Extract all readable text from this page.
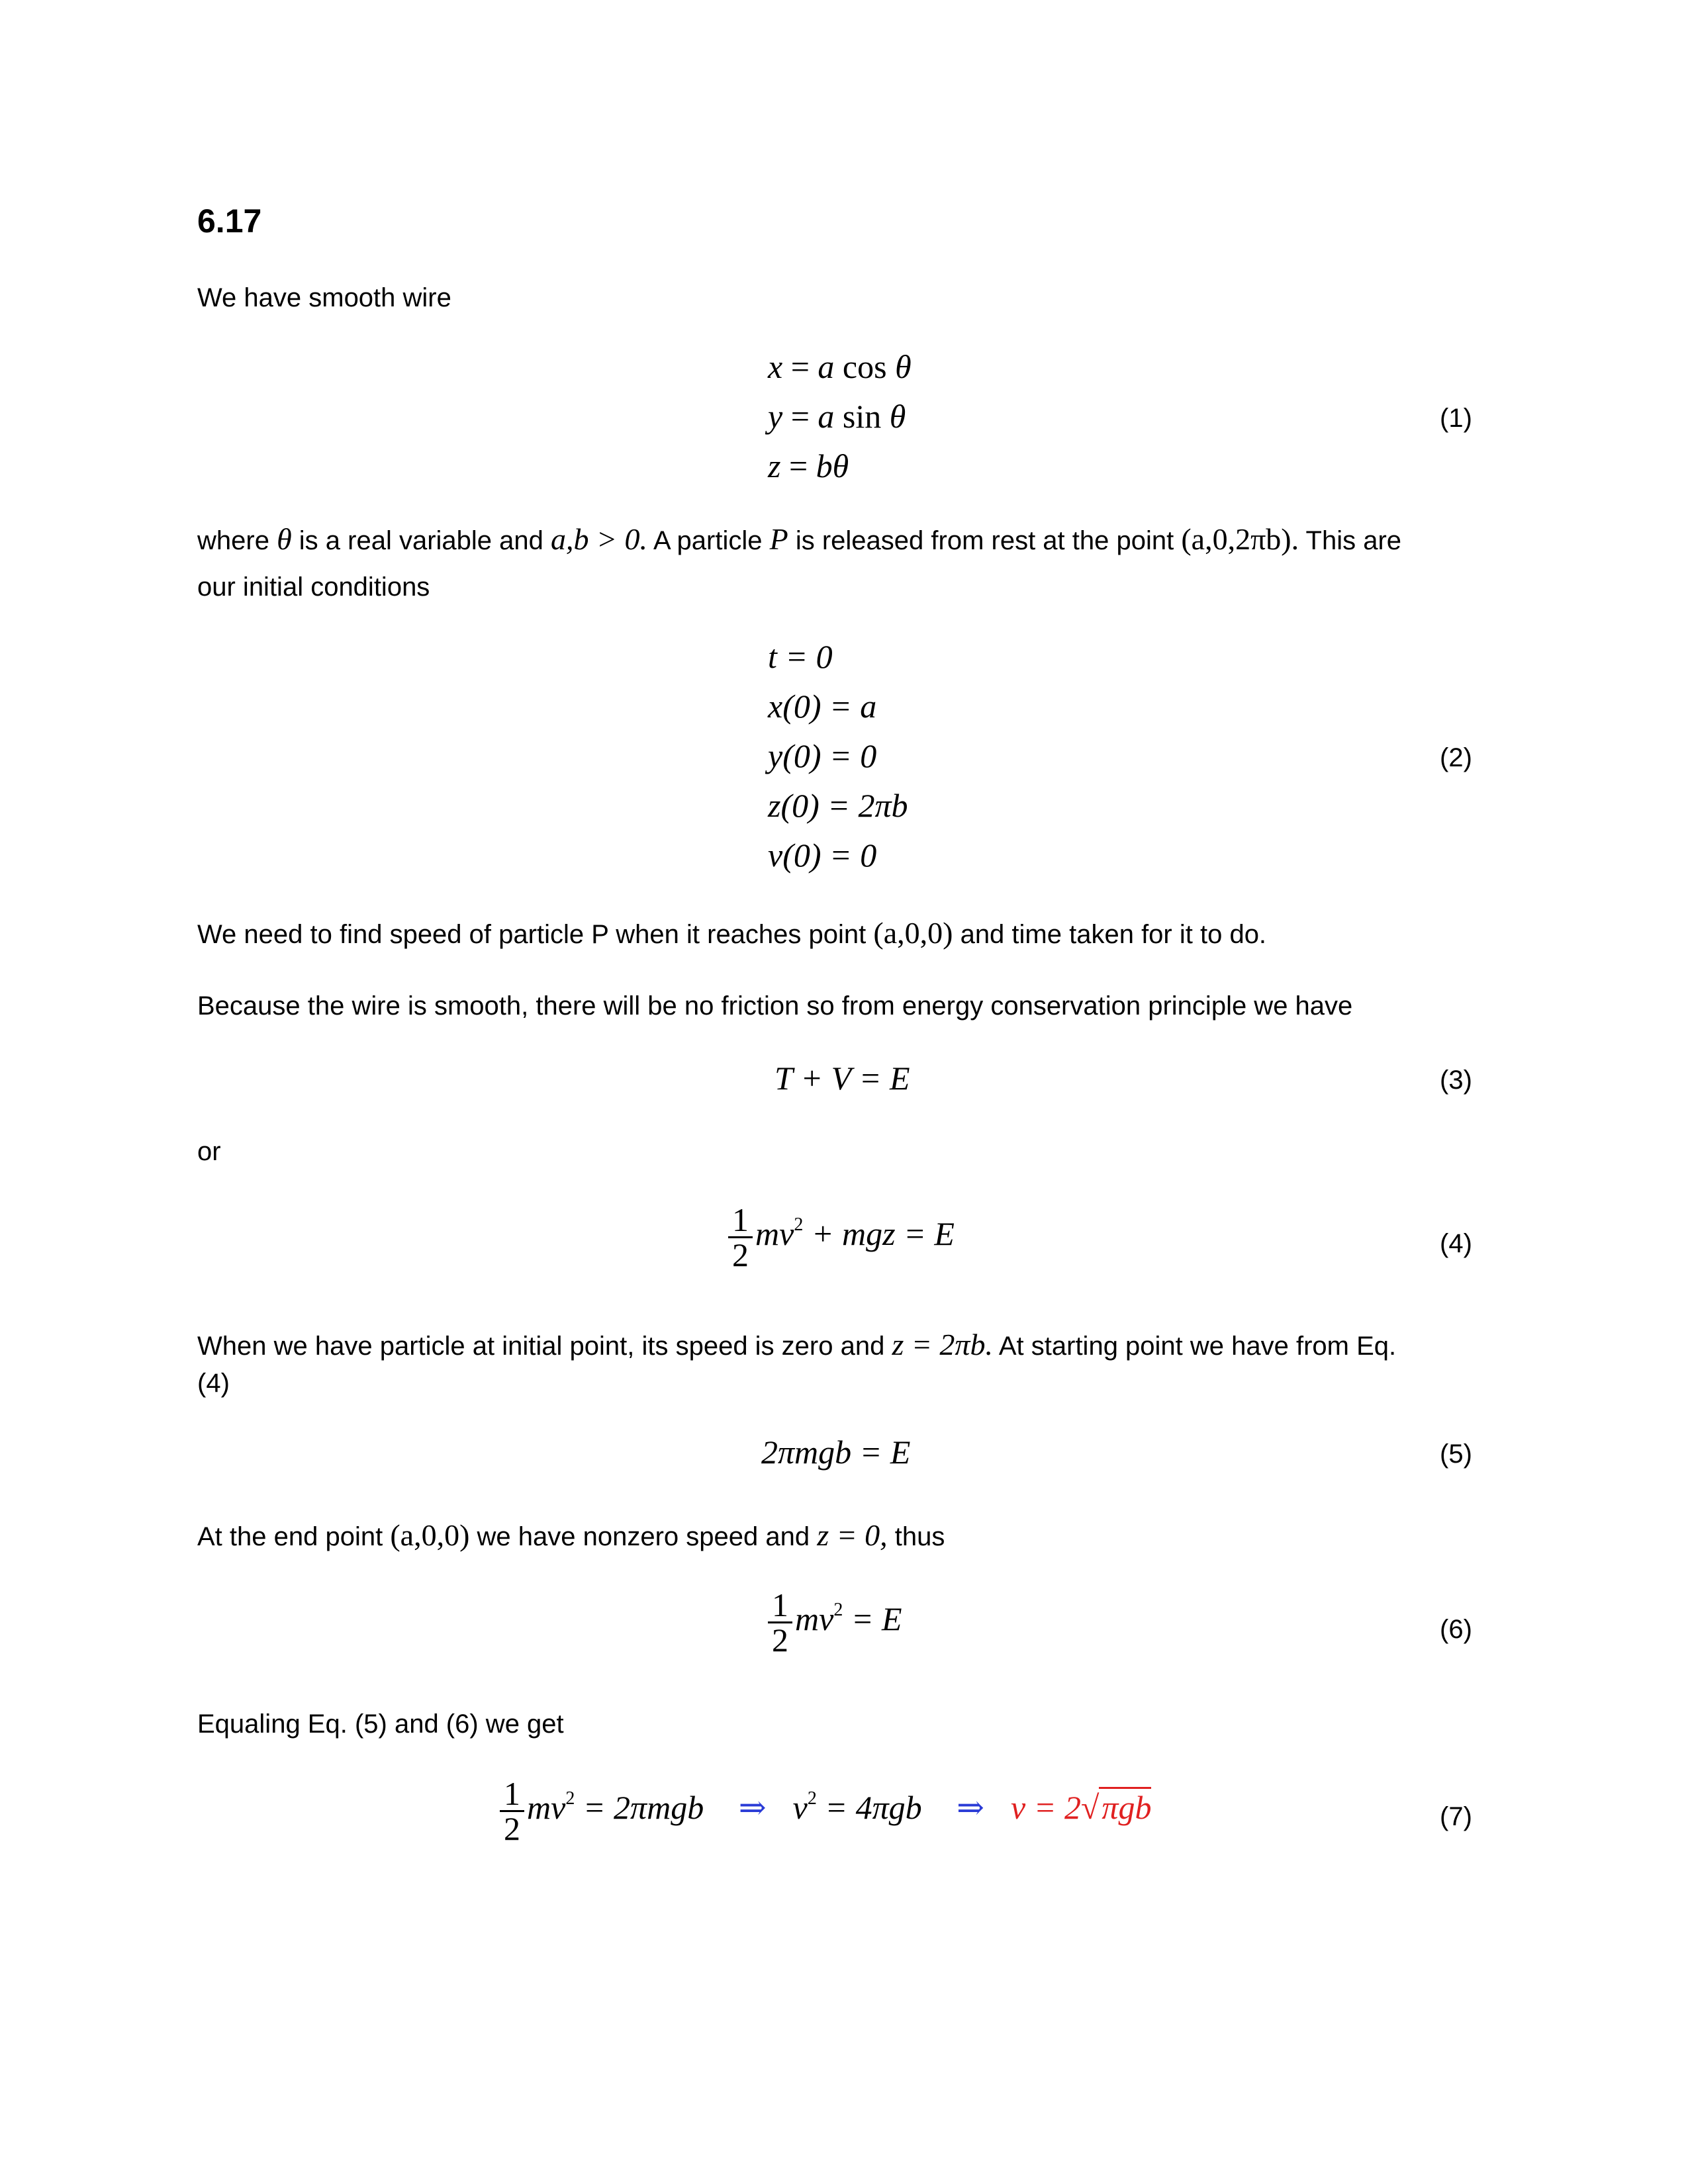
6.17
We have smooth wire
x = a cos θ
y = a sin θ
z = bθ
(1)
where θ is a real variable and a,b > 0. A particle P is released from rest at the point (a,0,2πb). This are
our initial conditions
t = 0
x(0) = a
y(0) = 0
z(0) = 2πb
v(0) = 0
(2)
We need to find speed of particle P when it reaches point (a,0,0) and time taken for it to do.
Because the wire is smooth, there will be no friction so from energy conservation principle we have
T + V = E	(3)
or
$\frac{1}{2} mv^2$ + mgz = E	(4)
When we have particle at initial point, its speed is zero and z = 2πb. At starting point we have from Eq.
(4)
2πmgb = E	(5)
At the end point (a,0,0) we have nonzero speed and z = 0, thus
$\frac{1}{2} mv^2 = E$	(6)
Equaling Eq. (5) and (6) we get
$\frac{1}{2} mv^2 = 2\pi mgb$ ⇒ $v^2 = 4\pi gb$ ⇒ v = 2√πgb	(7)
